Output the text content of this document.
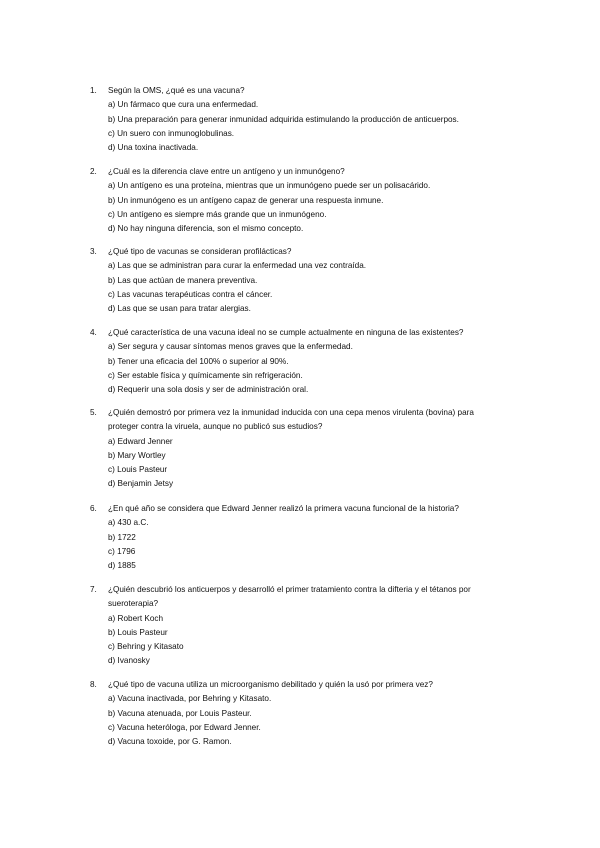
1.	Según la OMS, ¿qué es una vacuna?
a) Un fármaco que cura una enfermedad.
b) Una preparación para generar inmunidad adquirida estimulando la producción de anticuerpos.
c) Un suero con inmunoglobulinas.
d) Una toxina inactivada.
2.	¿Cuál es la diferencia clave entre un antígeno y un inmunógeno?
a) Un antígeno es una proteína, mientras que un inmunógeno puede ser un polisacárido.
b) Un inmunógeno es un antígeno capaz de generar una respuesta inmune.
c) Un antígeno es siempre más grande que un inmunógeno.
d) No hay ninguna diferencia, son el mismo concepto.
3.	¿Qué tipo de vacunas se consideran profilácticas?
a) Las que se administran para curar la enfermedad una vez contraída.
b) Las que actúan de manera preventiva.
c) Las vacunas terapéuticas contra el cáncer.
d) Las que se usan para tratar alergias.
4.	¿Qué característica de una vacuna ideal no se cumple actualmente en ninguna de las existentes?
a) Ser segura y causar síntomas menos graves que la enfermedad.
b) Tener una eficacia del 100% o superior al 90%.
c) Ser estable física y químicamente sin refrigeración.
d) Requerir una sola dosis y ser de administración oral.
5.	¿Quién demostró por primera vez la inmunidad inducida con una cepa menos virulenta (bovina) para
proteger contra la viruela, aunque no publicó sus estudios?
a) Edward Jenner
b) Mary Wortley
c) Louis Pasteur
d) Benjamin Jetsy
6.	¿En qué año se considera que Edward Jenner realizó la primera vacuna funcional de la historia?
a) 430 a.C.
b) 1722
c) 1796
d) 1885
7.	¿Quién descubrió los anticuerpos y desarrolló el primer tratamiento contra la difteria y el tétanos por
sueroterapia?
a) Robert Koch
b) Louis Pasteur
c) Behring y Kitasato
d) Ivanosky
8.	¿Qué tipo de vacuna utiliza un microorganismo debilitado y quién la usó por primera vez?
a) Vacuna inactivada, por Behring y Kitasato.
b) Vacuna atenuada, por Louis Pasteur.
c) Vacuna heteróloga, por Edward Jenner.
d) Vacuna toxoide, por G. Ramon.
